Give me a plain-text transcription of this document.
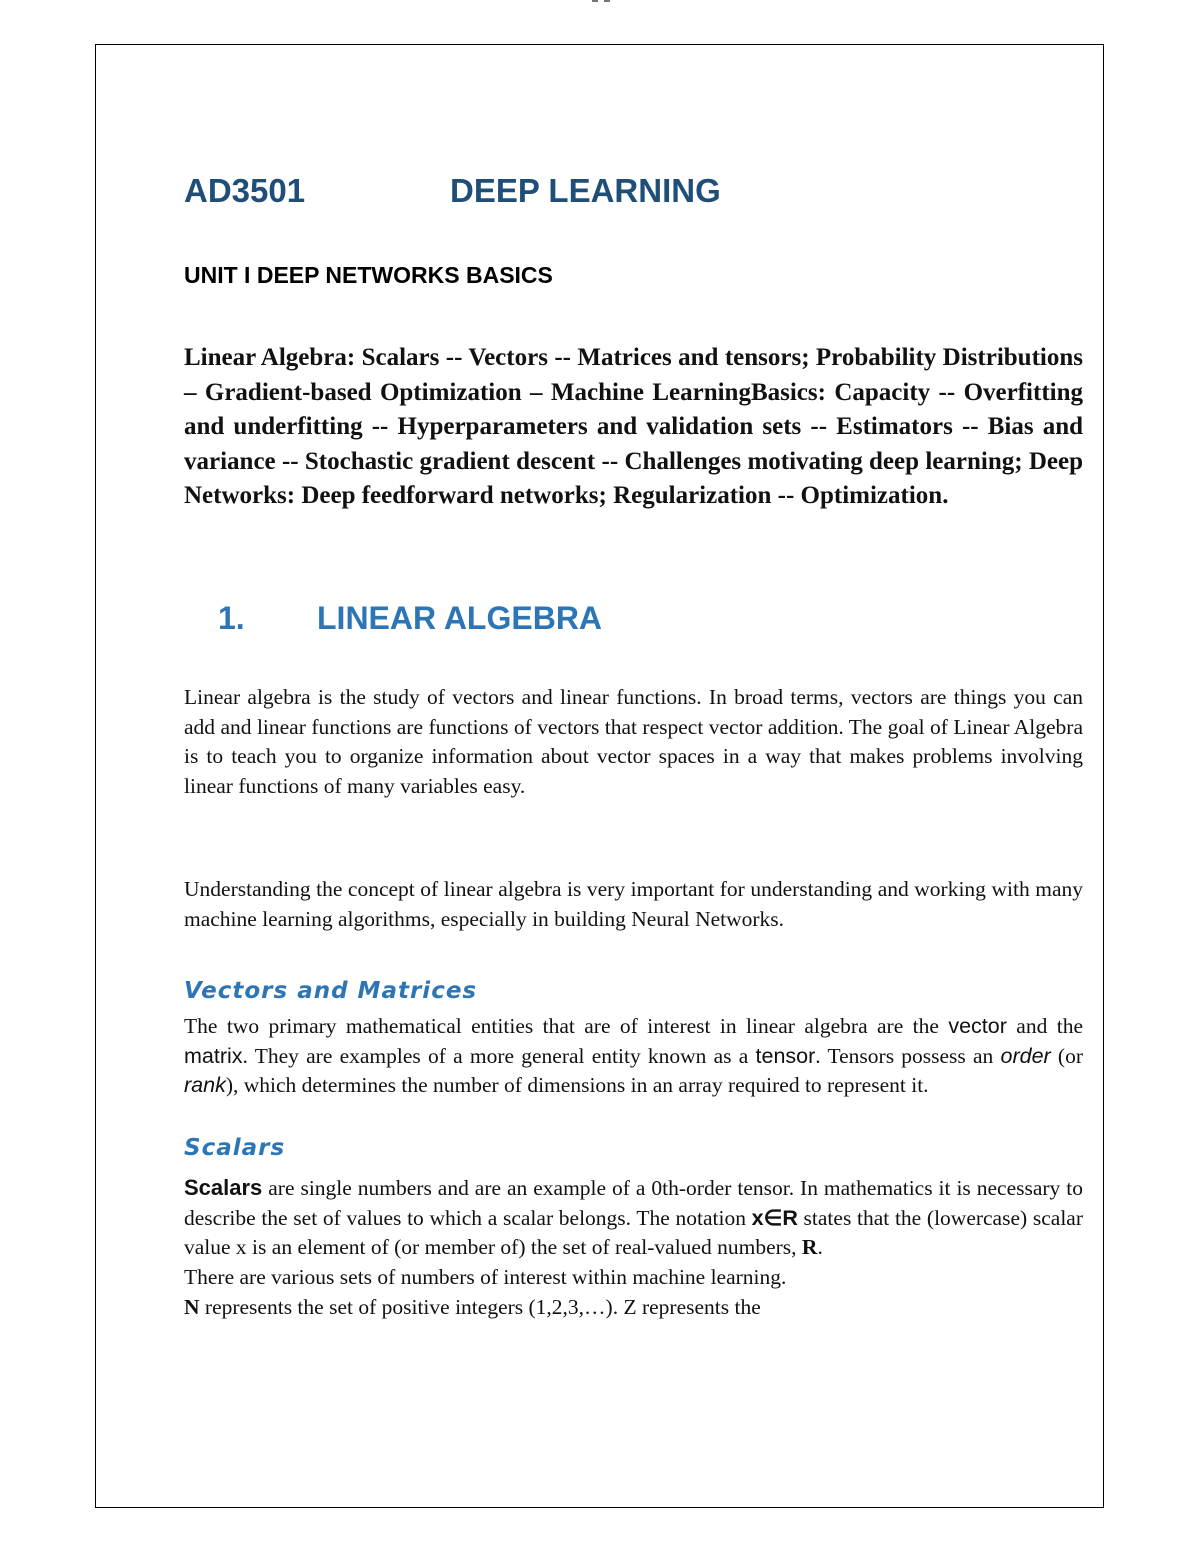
AD3501	DEEP LEARNING
UNIT I DEEP NETWORKS BASICS
Linear Algebra: Scalars -- Vectors -- Matrices and tensors; Probability Distributions – Gradient-based Optimization – Machine LearningBasics: Capacity -- Overfitting and underfitting -- Hyperparameters and validation sets -- Estimators -- Bias and variance -- Stochastic gradient descent -- Challenges motivating deep learning; Deep Networks: Deep feedforward networks; Regularization -- Optimization.
1. LINEAR ALGEBRA
Linear algebra is the study of vectors and linear functions. In broad terms, vectors are things you can add and linear functions are functions of vectors that respect vector addition. The goal of Linear Algebra is to teach you to organize information about vector spaces in a way that makes problems involving linear functions of many variables easy.
Understanding the concept of linear algebra is very important for understanding and working with many machine learning algorithms, especially in building Neural Networks.
Vectors and Matrices
The two primary mathematical entities that are of interest in linear algebra are the vector and the matrix. They are examples of a more general entity known as a tensor. Tensors possess an order (or rank), which determines the number of dimensions in an array required to represent it.
Scalars
Scalars are single numbers and are an example of a 0th-order tensor. In mathematics it is necessary to describe the set of values to which a scalar belongs. The notation x∈R states that the (lowercase) scalar value x is an element of (or member of) the set of real-valued numbers, R.
There are various sets of numbers of interest within machine learning.
N represents the set of positive integers (1,2,3,…). Z represents the
